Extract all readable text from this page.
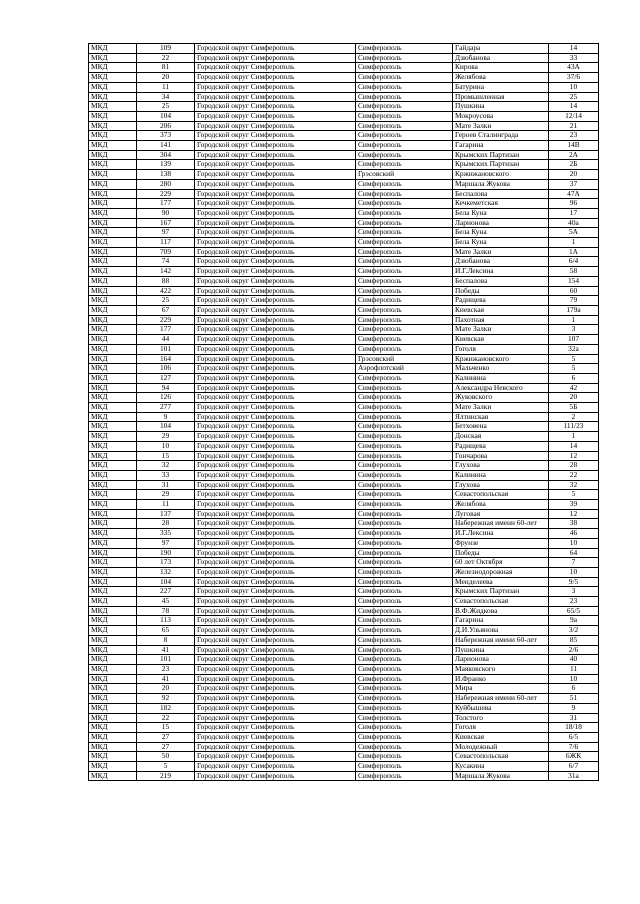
МКД	109	Городской округ Симферополь	Симферополь	Гайдара	14
МКД	22	Городской округ Симферополь	Симферополь	Дзюбанова	33
МКД	81	Городской округ Симферополь	Симферополь	Кирова	43А
МКД	20	Городской округ Симферополь	Симферополь	Желябова	37/6
МКД	11	Городской округ Симферополь	Симферополь	Батурина	10
МКД	34	Городской округ Симферополь	Симферополь	Промышленная	25
МКД	25	Городской округ Симферополь	Симферополь	Пушкина	14
МКД	104	Городской округ Симферополь	Симферополь	Мокроусова	12/14
МКД	206	Городской округ Симферополь	Симферополь	Мате Залки	21
МКД	373	Городской округ Симферополь	Симферополь	Героев Сталинграда	23
МКД	141	Городской округ Симферополь	Симферополь	Гагарина	14В
МКД	304	Городской округ Симферополь	Симферополь	Крымских Партизан	2А
МКД	139	Городской округ Симферополь	Симферополь	Крымских Партизан	2Б
МКД	138	Городской округ Симферополь	Грэсовский	Кржижановского	20
МКД	280	Городской округ Симферополь	Симферополь	Маршала Жукова	37
МКД	229	Городской округ Симферополь	Симферополь	Беспалова	47А
МКД	177	Городской округ Симферополь	Симферополь	Кечкеметская	96
МКД	90	Городской округ Симферополь	Симферополь	Бела Куна	17
МКД	167	Городской округ Симферополь	Симферополь	Ларионова	40а
МКД	97	Городской округ Симферополь	Симферополь	Бела Куна	5А
МКД	117	Городской округ Симферополь	Симферополь	Бела Куна	1
МКД	709	Городской округ Симферополь	Симферополь	Мате Залки	1А
МКД	74	Городской округ Симферополь	Симферополь	Дзюбанова	6/4
МКД	142	Городской округ Симферополь	Симферополь	И.Г.Лексина	58
МКД	88	Городской округ Симферополь	Симферополь	Беспалова	154
МКД	422	Городской округ Симферополь	Симферополь	Победы	60
МКД	25	Городской округ Симферополь	Симферополь	Радищева	79
МКД	67	Городской округ Симферополь	Симферополь	Киевская	179а
МКД	229	Городской округ Симферополь	Симферополь	Пахотная	1
МКД	177	Городской округ Симферополь	Симферополь	Мате Залки	3
МКД	44	Городской округ Симферополь	Симферополь	Киевская	107
МКД	101	Городской округ Симферополь	Симферополь	Гоголя	32а
МКД	164	Городской округ Симферополь	Грэсовский	Кржижановского	5
МКД	106	Городской округ Симферополь	Аэрофлотский	Мальченко	5
МКД	127	Городской округ Симферополь	Симферополь	Калинина	6
МКД	94	Городской округ Симферополь	Симферополь	Александра Невского	42
МКД	126	Городской округ Симферополь	Симферополь	Жуковского	20
МКД	277	Городской округ Симферополь	Симферополь	Мате Залки	5Б
МКД	9	Городской округ Симферополь	Симферополь	Ялтинская	2
МКД	104	Городской округ Симферополь	Симферополь	Бетховена	111/23
МКД	29	Городской округ Симферополь	Симферополь	Донская	1
МКД	10	Городской округ Симферополь	Симферополь	Радищева	14
МКД	15	Городской округ Симферополь	Симферополь	Гончарова	12
МКД	32	Городской округ Симферополь	Симферополь	Глухова	28
МКД	33	Городской округ Симферополь	Симферополь	Калинина	22
МКД	31	Городской округ Симферополь	Симферополь	Глухова	32
МКД	29	Городской округ Симферополь	Симферополь	Севастопольская	5
МКД	11	Городской округ Симферополь	Симферополь	Желябова	39
МКД	137	Городской округ Симферополь	Симферополь	Луговая	12
МКД	28	Городской округ Симферополь	Симферополь	Набережная имени 60-лет	38
МКД	335	Городской округ Симферополь	Симферополь	И.Г.Лексина	46
МКД	97	Городской округ Симферополь	Симферополь	Фрунзе	10
МКД	190	Городской округ Симферополь	Симферополь	Победы	64
МКД	173	Городской округ Симферополь	Симферополь	60 лет Октября	7
МКД	132	Городской округ Симферополь	Симферополь	Железнодорожная	10
МКД	104	Городской округ Симферополь	Симферополь	Менделеева	9/5
МКД	227	Городской округ Симферополь	Симферополь	Крымских Партизан	3
МКД	45	Городской округ Симферополь	Симферополь	Севастопольская	23
МКД	78	Городской округ Симферополь	Симферополь	В.Ф.Жидкова	65/5
МКД	113	Городской округ Симферополь	Симферополь	Гагарина	9а
МКД	65	Городской округ Симферополь	Симферополь	Д.И.Ульянова	3/2
МКД	8	Городской округ Симферополь	Симферополь	Набережная имени 60-лет	85
МКД	41	Городской округ Симферополь	Симферополь	Пушкина	2/6
МКД	101	Городской округ Симферополь	Симферополь	Ларионова	40
МКД	23	Городской округ Симферополь	Симферополь	Маяковского	11
МКД	41	Городской округ Симферополь	Симферополь	И.Франко	10
МКД	20	Городской округ Симферополь	Симферополь	Мира	6
МКД	92	Городской округ Симферополь	Симферополь	Набережная имени 60-лет	51
МКД	182	Городской округ Симферополь	Симферополь	Куйбышева	9
МКД	22	Городской округ Симферополь	Симферополь	Толстого	31
МКД	15	Городской округ Симферополь	Симферополь	Гоголя	18/18
МКД	27	Городской округ Симферополь	Симферополь	Киевская	6/5
МКД	27	Городской округ Симферополь	Симферополь	Молодежный	7/6
МКД	50	Городской округ Симферополь	Симферополь	Севастопольская	6ЖК
МКД	5	Городской округ Симферополь	Симферополь	Кусакина	6/7
МКД	219	Городской округ Симферополь	Симферополь	Маршала Жукова	31а
